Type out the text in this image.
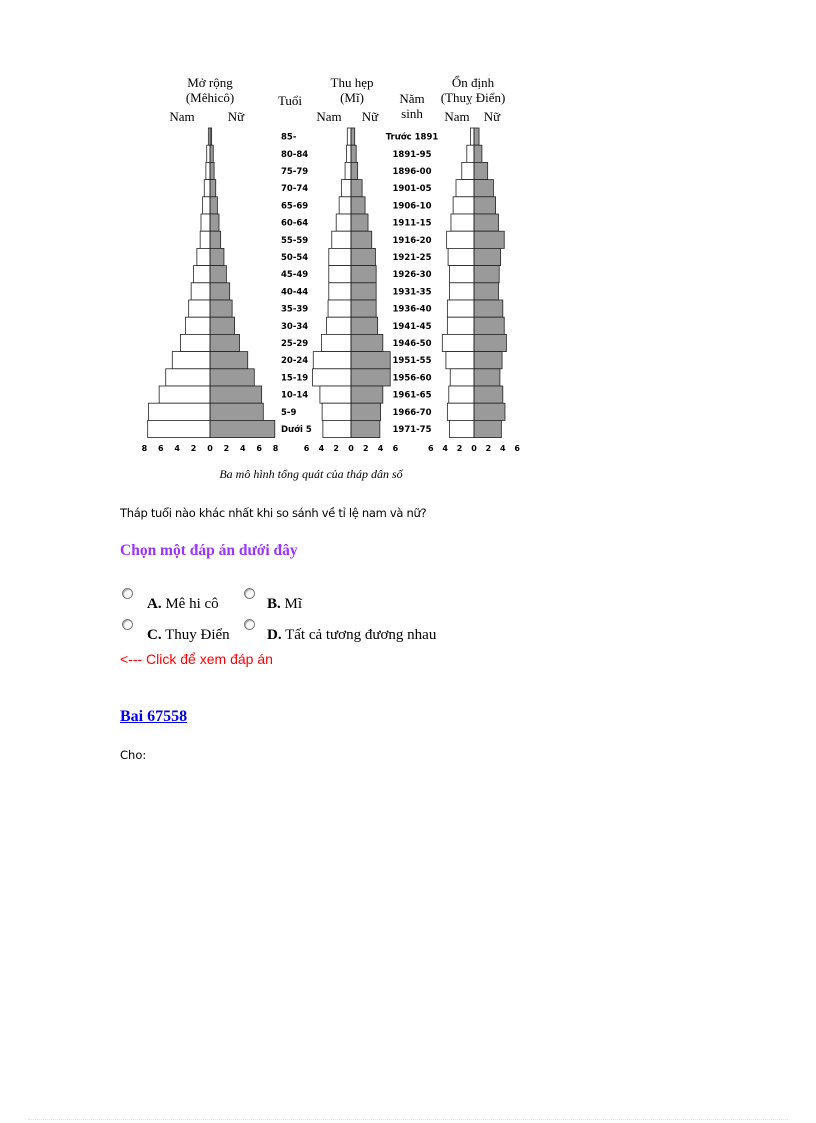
Mở rộng
(Mêhicô)
Nam	Nữ
Tuổi
Thu hẹp
(Mĩ)
Nam Nữ
Năm
sinh
Ổn định
(Thuỵ Điển)
Nam Nữ
Ba mô hình tổng quát của tháp dân số
8 6 4 2 0 2 4 6 8	6 4 2 0 2 4 6	6 4 2 0 2 4 6
85-
80-84
75-79
70-74
65-69
60-64
55-59
50-54
45-49
40-44
35-39
30-34
25-29
20-24
15-19
10-14
5-9
Dưới 5
Trước 1891
1891-95
1896-00
1901-05
1906-10
1911-15
1916-20
1921-25
1926-30
1931-35
1936-40
1941-45
1946-50
1951-55
1956-60
1961-65
1966-70
1971-75
Tháp tuổi nào khác nhất khi so sánh về tỉ lệ nam và nữ?
Chọn một đáp án dưới đây
A. Mê hi cô	B. Mĩ
C. Thuy Điển D. Tất cả tương đương nhau
<--- Click để xem đáp án
Bai 67558
Cho:
